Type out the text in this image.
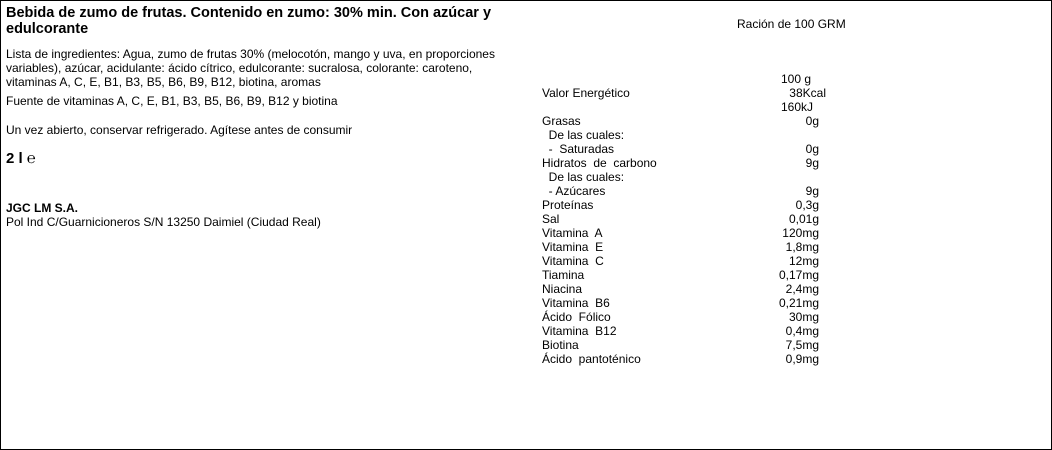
Bebida de zumo de frutas. Contenido en zumo: 30% min. Con azúcar y edulcorante
Lista de ingredientes: Agua, zumo de frutas 30% (melocotón, mango y uva, en proporciones variables), azúcar, acidulante: ácido cítrico, edulcorante: sucralosa, colorante: caroteno, vitaminas A, C, E, B1, B3, B5, B6, B9, B12, biotina, aromas
Fuente de vitaminas A, C, E, B1, B3, B5, B6, B9, B12 y biotina
Un vez abierto, conservar refrigerado. Agítese antes de consumir
2 l ℮
JGC LM S.A.
Pol Ind C/Guarnicioneros S/N 13250 Daimiel (Ciudad Real)
Ración de 100 GRM
100 g
Valor Energético	38Kcal
160kJ
Grasas	0g
De las cuales:
-  Saturadas	0g
Hidratos  de  carbono	9g
De las cuales:
- Azúcares	9g
Proteínas	0,3g
Sal	0,01g
Vitamina  A	120mg
Vitamina  E	1,8mg
Vitamina  C	12mg
Tiamina	0,17mg
Niacina	2,4mg
Vitamina  B6	0,21mg
Ácido  Fólico	30mg
Vitamina  B12	0,4mg
Biotina	7,5mg
Ácido  pantoténico	0,9mg
